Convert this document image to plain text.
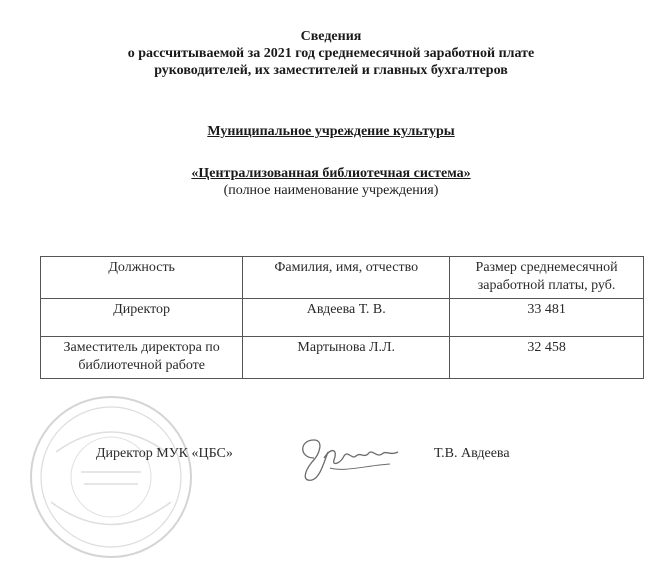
Сведения
о рассчитываемой за 2021 год среднемесячной заработной плате
руководителей, их заместителей и главных бухгалтеров
Муниципальное учреждение культуры
«Централизованная библиотечная система»
(полное наименование учреждения)
Должность	Фамилия, имя, отчество	Размер среднемесячной заработной платы, руб.
Директор	Авдеева Т. В.	33 481
Заместитель директора по библиотечной работе	Мартынова Л.Л.	32 458
Директор МУК «ЦБС»	Т.В. Авдеева
